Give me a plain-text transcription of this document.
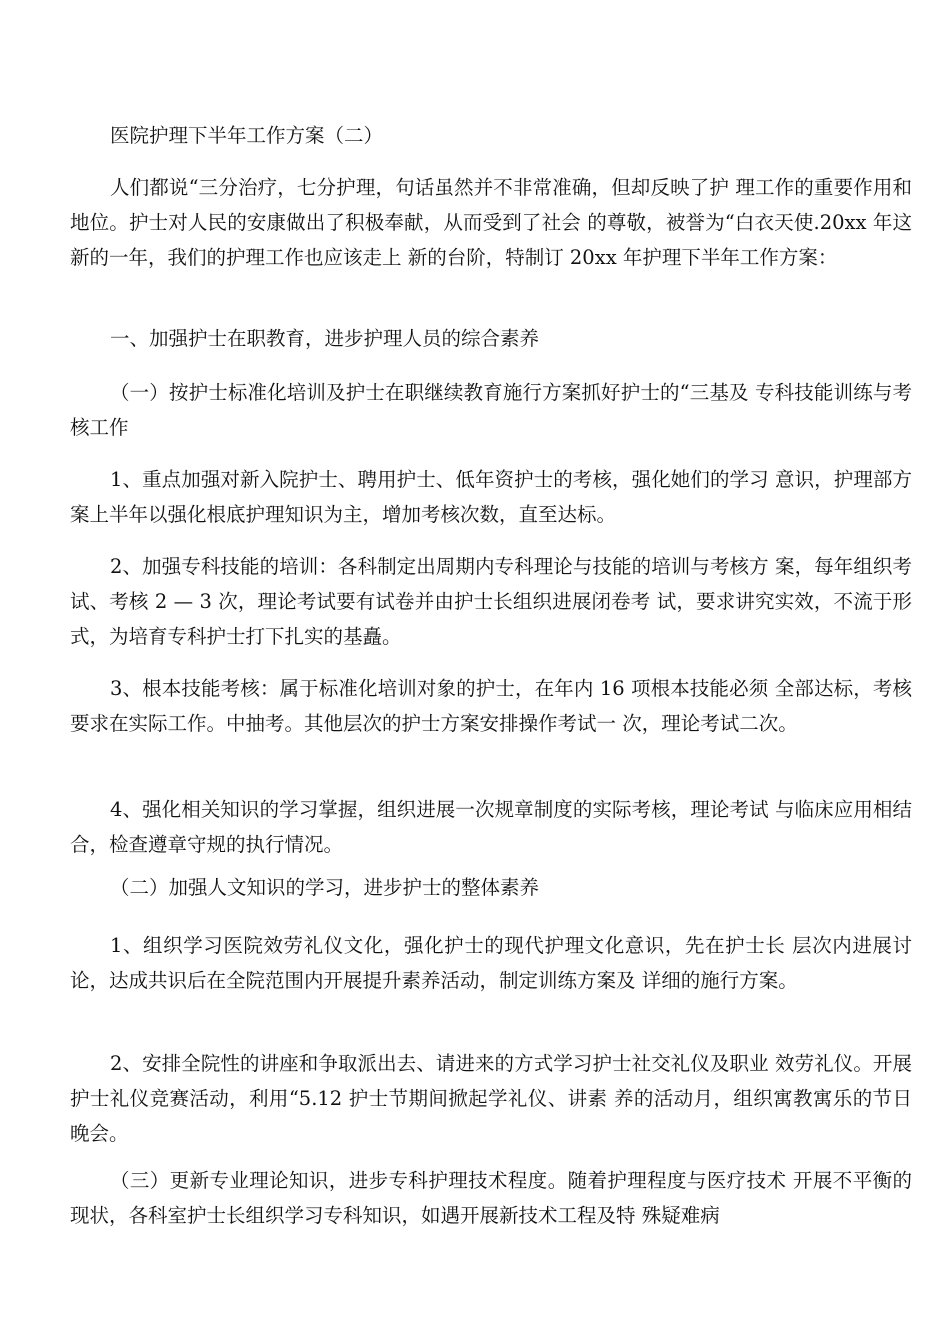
医院护理下半年工作方案（二）

人们都说“三分治疗，七分护理，句话虽然并不非常准确，但却反映了护 理工作的重要作用和地位。护士对人民的安康做出了积极奉献，从而受到了社会 的尊敬，被誉为“白衣天使.20xx 年这新的一年，我们的护理工作也应该走上 新的台阶，特制订 20xx 年护理下半年工作方案：

一、加强护士在职教育，进步护理人员的综合素养

（一）按护士标准化培训及护士在职继续教育施行方案抓好护士的“三基及 专科技能训练与考核工作

1、重点加强对新入院护士、聘用护士、低年资护士的考核，强化她们的学习 意识，护理部方案上半年以强化根底护理知识为主，增加考核次数，直至达标。

2、加强专科技能的培训：各科制定出周期内专科理论与技能的培训与考核方 案，每年组织考试、考核 2 — 3 次，理论考试要有试卷并由护士长组织进展闭卷考 试，要求讲究实效，不流于形式，为培育专科护士打下扎实的基矗。

3、根本技能考核：属于标准化培训对象的护士，在年内 16 项根本技能必须 全部达标，考核要求在实际工作。中抽考。其他层次的护士方案安排操作考试一 次，理论考试二次。

4、强化相关知识的学习掌握，组织进展一次规章制度的实际考核，理论考试 与临床应用相结合，检查遵章守规的执行情况。

（二）加强人文知识的学习，进步护士的整体素养

1、组织学习医院效劳礼仪文化，强化护士的现代护理文化意识，先在护士长 层次内进展讨论，达成共识后在全院范围内开展提升素养活动，制定训练方案及 详细的施行方案。

2、安排全院性的讲座和争取派出去、请进来的方式学习护士社交礼仪及职业 效劳礼仪。开展护士礼仪竞赛活动，利用“5.12 护士节期间掀起学礼仪、讲素 养的活动月，组织寓教寓乐的节日晚会。

（三）更新专业理论知识，进步专科护理技术程度。随着护理程度与医疗技术 开展不平衡的现状，各科室护士长组织学习专科知识，如遇开展新技术工程及特 殊疑难病
